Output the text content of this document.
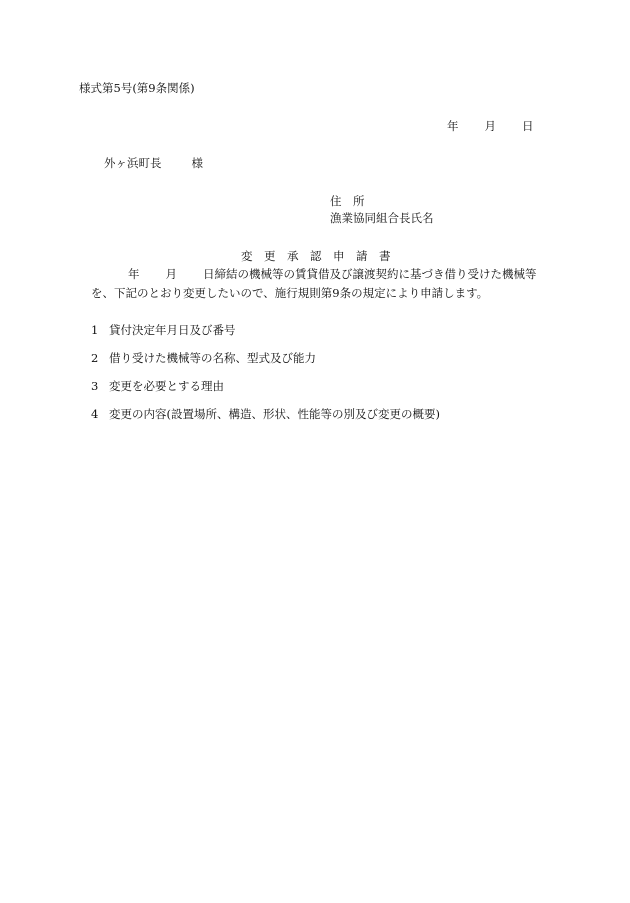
様式第5号(第9条関係)
年 月 日
外ヶ浜町長	様
住　所
漁業協同組合長氏名
変　更　承　認　申　請　書
年 月 日締結の機械等の賃貸借及び譲渡契約に基づき借り受けた機械等
を、下記のとおり変更したいので、施行規則第9条の規定により申請します。
1 貸付決定年月日及び番号
2 借り受けた機械等の名称、型式及び能力
3 変更を必要とする理由
4 変更の内容(設置場所、構造、形状、性能等の別及び変更の概要)
